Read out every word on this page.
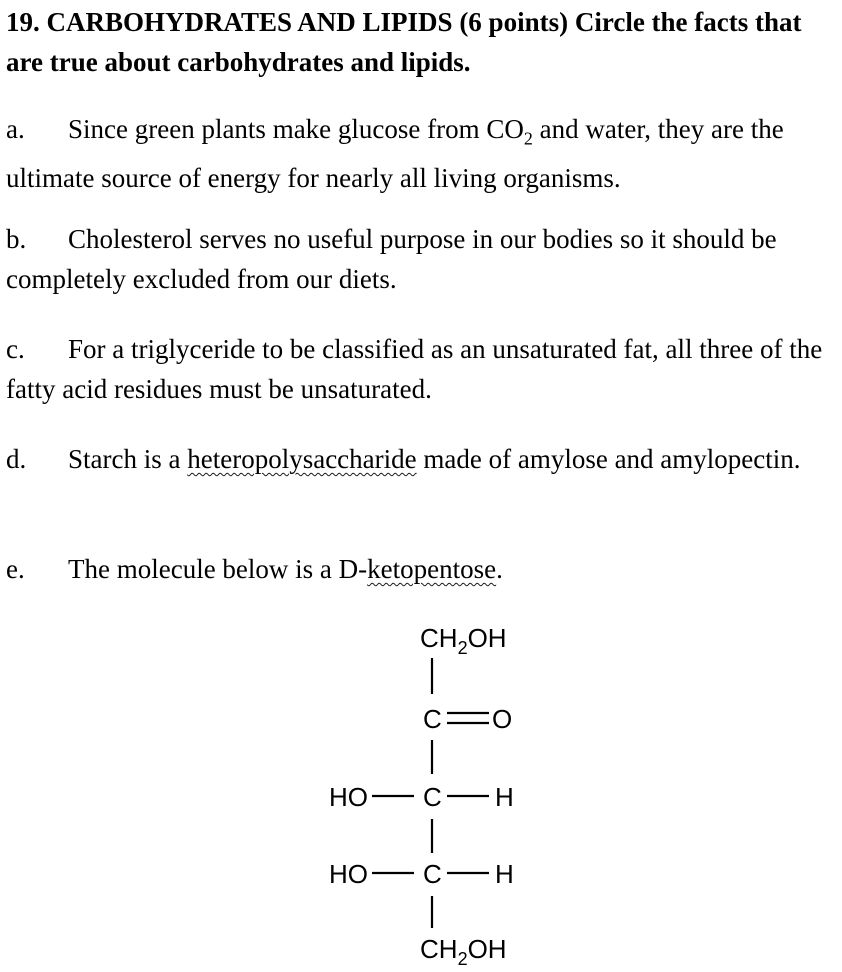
19. CARBOHYDRATES AND LIPIDS (6 points) Circle the facts that are true about carbohydrates and lipids.
a. Since green plants make glucose from $CO_2$ and water, they are the ultimate source of energy for nearly all living organisms.
b. Cholesterol serves no useful purpose in our bodies so it should be completely excluded from our diets.
c. For a triglyceride to be classified as an unsaturated fat, all three of the fatty acid residues must be unsaturated.
d. Starch is a heteropolysaccharide made of amylose and amylopectin.
e. The molecule below is a D-ketopentose.
$CH_2OH$
C O
HO C H
HO C H
$CH_2OH$
